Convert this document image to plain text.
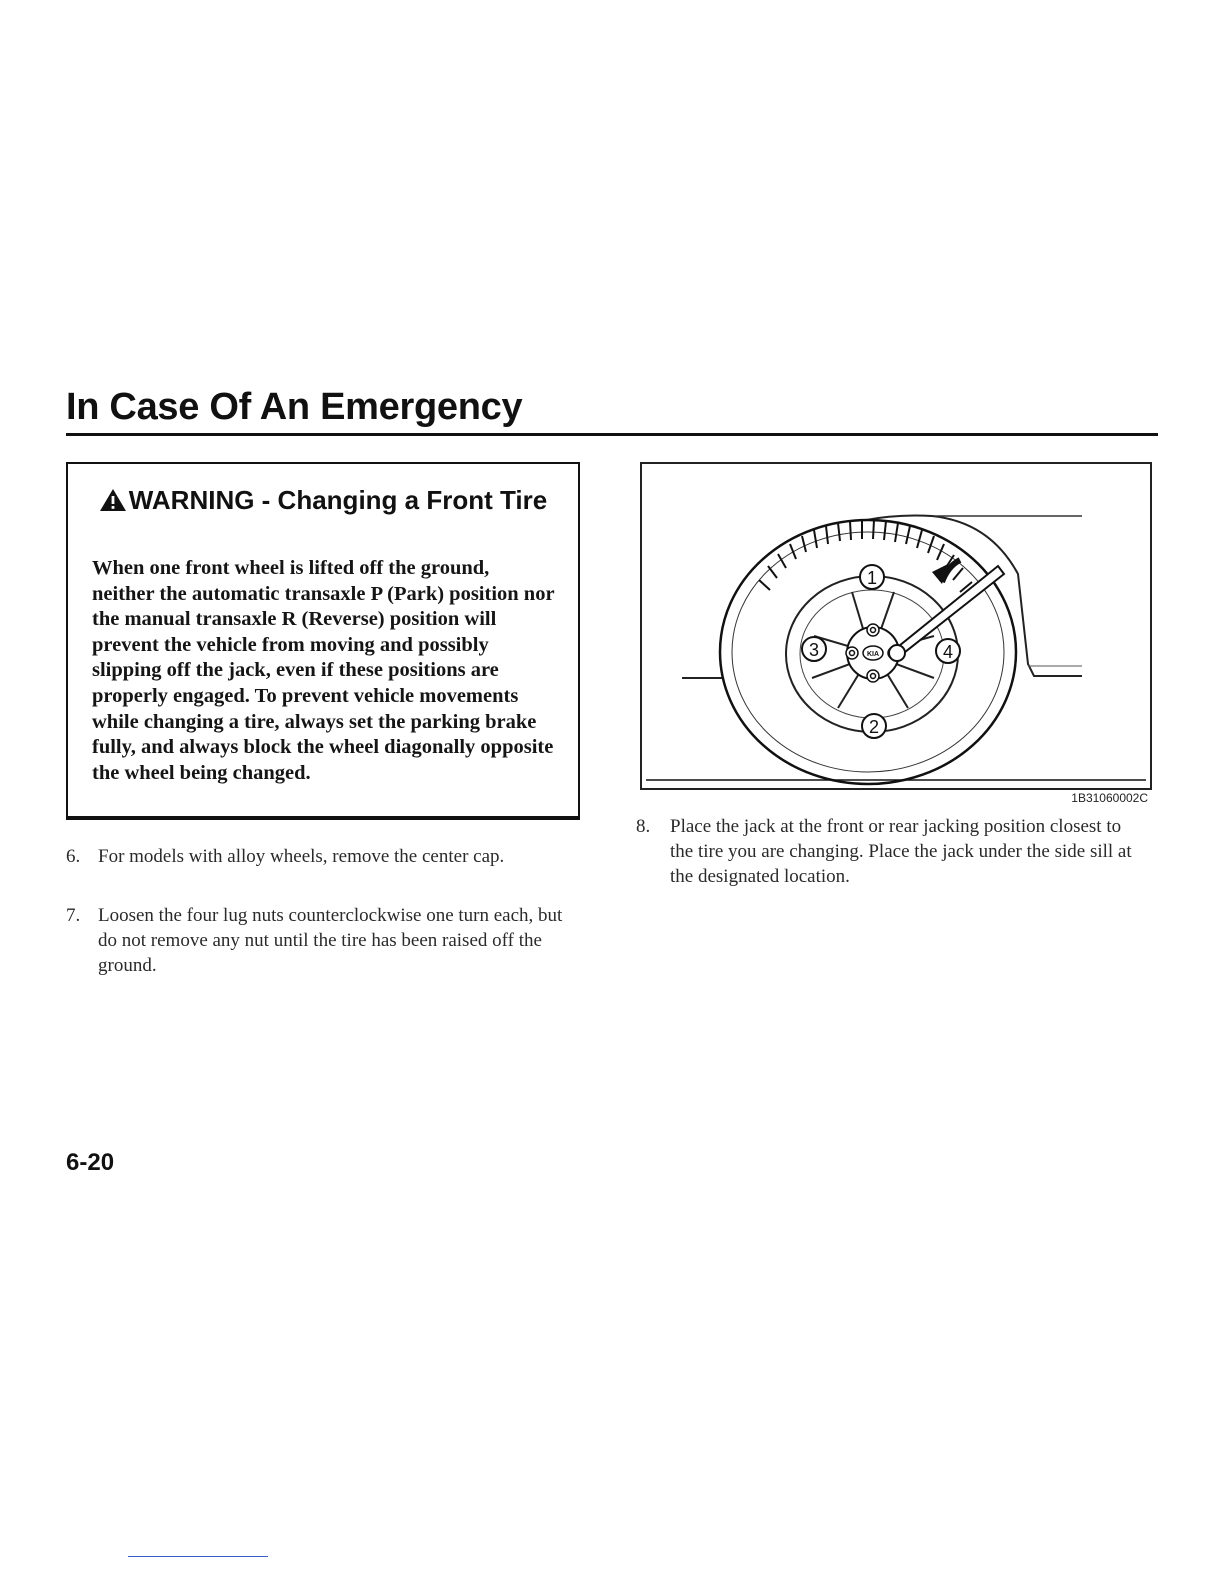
In Case Of An Emergency
WARNING - Changing a Front Tire

When one front wheel is lifted off the ground, neither the automatic transaxle P (Park) position nor the manual transaxle R (Reverse) position will prevent the vehicle from moving and possibly slipping off the jack, even if these positions are properly engaged. To prevent vehicle movements while changing a tire, always set the parking brake fully, and always block the wheel diagonally opposite the wheel being changed.

6. For models with alloy wheels, remove the center cap.
7. Loosen the four lug nuts counterclockwise one turn each, but do not remove any nut until the tire has been raised off the ground.
KIA
1
2
3	4
1B31060002C
8.	Place the jack at the front or rear jacking position closest to the tire you are changing. Place the jack under the side sill at the designated location.
6-20
